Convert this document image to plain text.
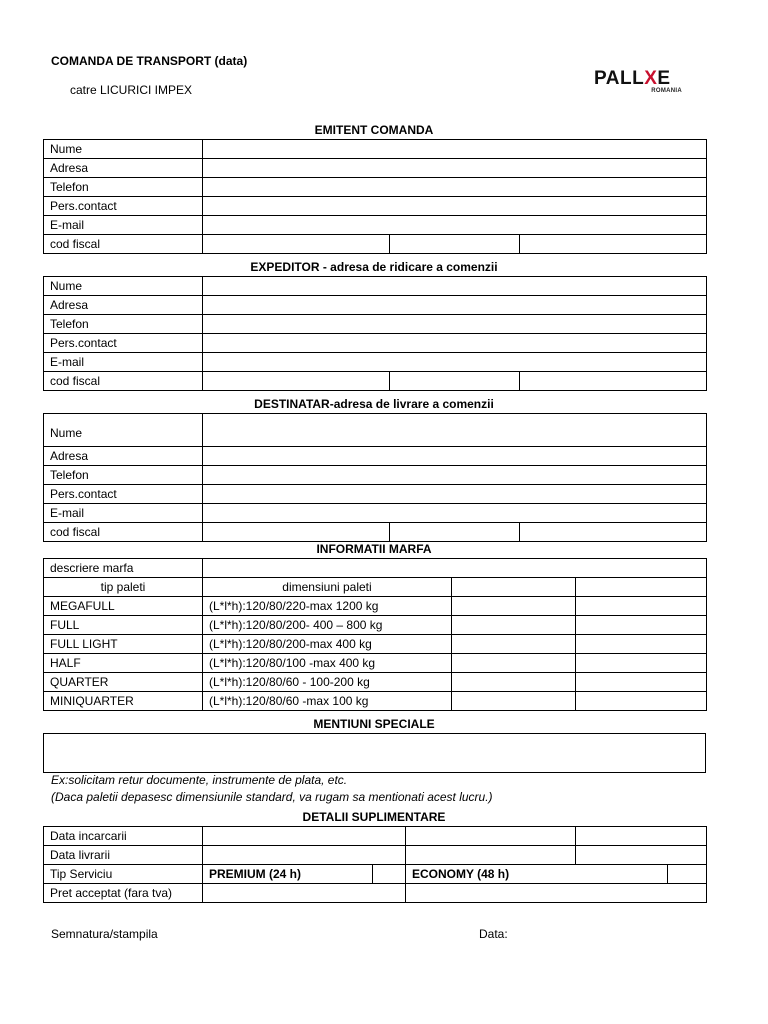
COMANDA DE TRANSPORT (data)
catre LICURICI IMPEX
PALLXE
ROMANIA
EMITENT COMANDA
Nume			
Adresa			
Telefon			
Pers.contact			
E-mail			
cod fiscal			
EXPEDITOR - adresa de ridicare a comenzii
Nume			
Adresa			
Telefon			
Pers.contact			
E-mail			
cod fiscal			
DESTINATAR-adresa de livrare a comenzii
Nume			
Adresa			
Telefon			
Pers.contact			
E-mail			
cod fiscal			
INFORMATII MARFA
descriere marfa			
tip paleti	dimensiuni paleti		
MEGAFULL	(L*l*h):120/80/220-max 1200 kg		
FULL	(L*l*h):120/80/200- 400 – 800 kg		
FULL LIGHT	(L*l*h):120/80/200-max 400 kg		
HALF	(L*l*h):120/80/100 -max 400 kg		
QUARTER	(L*l*h):120/80/60 - 100-200 kg		
MINIQUARTER	(L*l*h):120/80/60 -max 100 kg		
MENTIUNI SPECIALE
Ex:solicitam retur documente, instrumente de plata, etc.
(Daca paletii depasesc dimensiunile standard, va rugam sa mentionati acest lucru.)
DETALII SUPLIMENTARE
Data incarcarii					
Data livrarii					
Tip Serviciu	PREMIUM (24 h)		ECONOMY (48 h)		
Pret acceptat (fara tva)					
Semnatura/stampila	Data:
